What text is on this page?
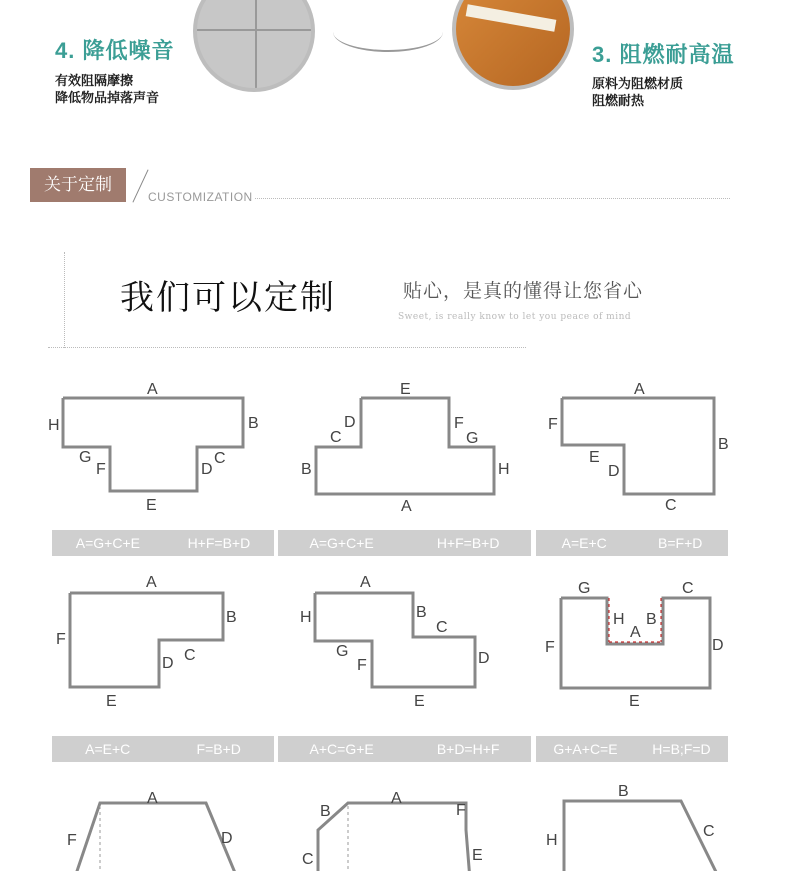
4. 降低噪音
有效阻隔摩擦
降低物品掉落声音
3. 阻燃耐高温
原料为阻燃材质
阻燃耐热
关于定制
CUSTOMIZATION
我们可以定制	贴心，是真的懂得让您省心
Sweet, is really know to let you peace of mind
A
B
H
G
F
C
D
E
E
D
C
F
G
B	H
A
A
F
B
E
D
C
A
B
F
C
D
E
A
H	B
C
G
F	D
E
G	C
H B
A
F	D
E
A
F	D
A
B	F
C	E
B
H
C
A=G+C+E	H+F=B+D	A=G+C+E	H+F=B+D	A=E+C	B=F+D
A=E+C	F=B+D	A+C=G+E	B+D=H+F	G+A+C=E H=B;F=D
